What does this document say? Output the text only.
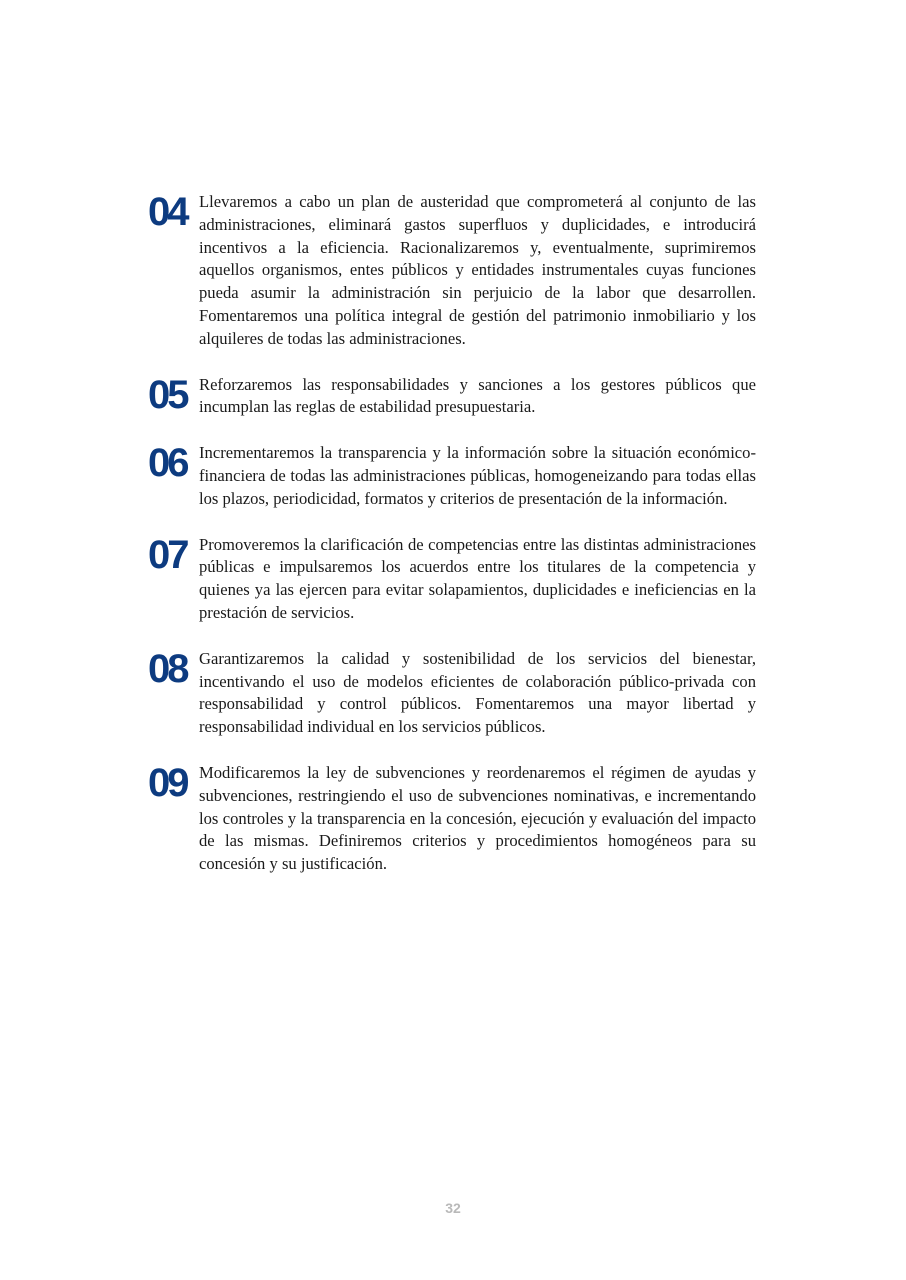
04 Llevaremos a cabo un plan de austeridad que comprometerá al conjunto de las administraciones, eliminará gastos superfluos y duplicidades, e introducirá incentivos a la eficiencia. Racionalizaremos y, eventualmente, suprimiremos aquellos organismos, entes públicos y entidades instrumentales cuyas funciones pueda asumir la administración sin perjuicio de la labor que desarrollen. Fomentaremos una política integral de gestión del patrimonio inmobiliario y los alquileres de todas las administraciones.

05 Reforzaremos las responsabilidades y sanciones a los gestores públicos que incumplan las reglas de estabilidad presupuestaria.

06 Incrementaremos la transparencia y la información sobre la situación económico-financiera de todas las administraciones públicas, homogeneizando para todas ellas los plazos, periodicidad, formatos y criterios de presentación de la información.

07 Promoveremos la clarificación de competencias entre las distintas administraciones públicas e impulsaremos los acuerdos entre los titulares de la competencia y quienes ya las ejercen para evitar solapamientos, duplicidades e ineficiencias en la prestación de servicios.

08 Garantizaremos la calidad y sostenibilidad de los servicios del bienestar, incentivando el uso de modelos eficientes de colaboración público-privada con responsabilidad y control públicos. Fomentaremos una mayor libertad y responsabilidad individual en los servicios públicos.

09 Modificaremos la ley de subvenciones y reordenaremos el régimen de ayudas y subvenciones, restringiendo el uso de subvenciones nominativas, e incrementando los controles y la transparencia en la concesión, ejecución y evaluación del impacto de las mismas. Definiremos criterios y procedimientos homogéneos para su concesión y su justificación.

32
